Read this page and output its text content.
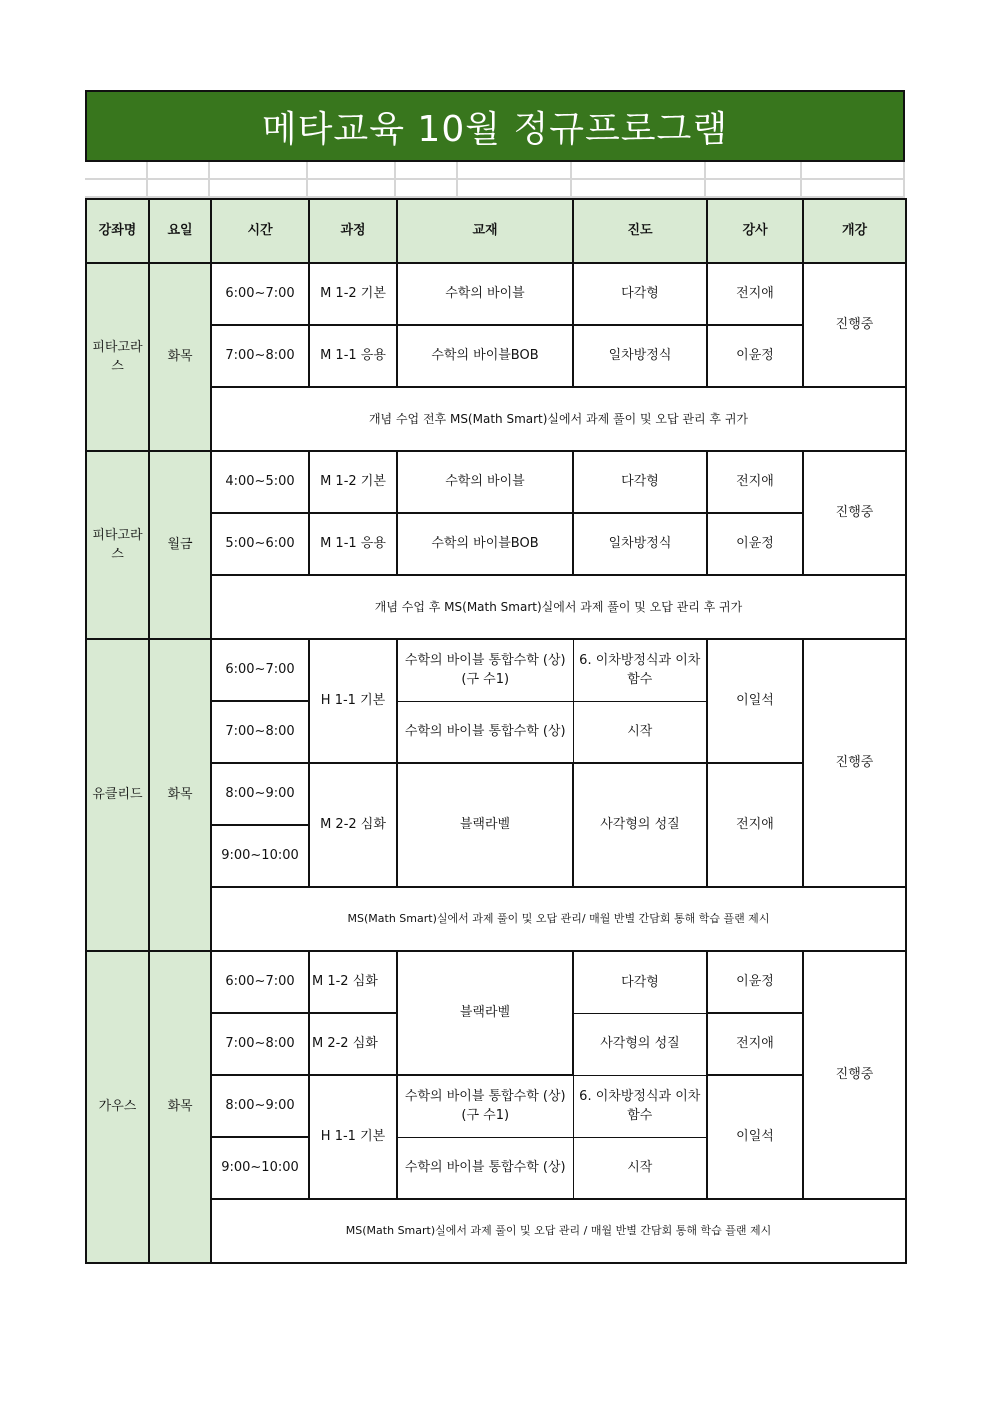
메타교육 10월 정규프로그램
강좌명	요일	시간	과정	교재	진도	강사	개강
피타고라스	화목	6:00~7:00	M 1-2 기본	수학의 바이블	다각형	전지애	진행중
		7:00~8:00	M 1-1 응용	수학의 바이블BOB	일차방정식	이윤정	
		개념 수업 전후 MS(Math Smart)실에서 과제 풀이 및 오답 관리 후 귀가					
피타고라스	월금	4:00~5:00	M 1-2 기본	수학의 바이블	다각형	전지애	진행중
		5:00~6:00	M 1-1 응용	수학의 바이블BOB	일차방정식	이윤정	
		개념 수업 후 MS(Math Smart)실에서 과제 풀이 및 오답 관리 후 귀가					
유클리드	화목	6:00~7:00	H 1-1 기본	수학의 바이블 통합수학 (상)(구 수1)	6. 이차방정식과 이차함수	이일석	진행중
		7:00~8:00		수학의 바이블 통합수학 (상)	시작		
		8:00~9:00	M 2-2 심화	블랙라벨	사각형의 성질	전지애	
		9:00~10:00					
		MS(Math Smart)실에서 과제 풀이 및 오답 관리/ 매월 반별 간담회 통해 학습 플랜 제시					
가우스	화목	6:00~7:00	M 1-2 심화	블랙라벨	다각형	이윤정	진행중
		7:00~8:00	M 2-2 심화		사각형의 성질	전지애	
		8:00~9:00	H 1-1 기본	수학의 바이블 통합수학 (상)(구 수1)	6. 이차방정식과 이차함수	이일석	
		9:00~10:00		수학의 바이블 통합수학 (상)	시작		
		MS(Math Smart)실에서 과제 풀이 및 오답 관리 / 매월 반별 간담회 통해 학습 플랜 제시					
